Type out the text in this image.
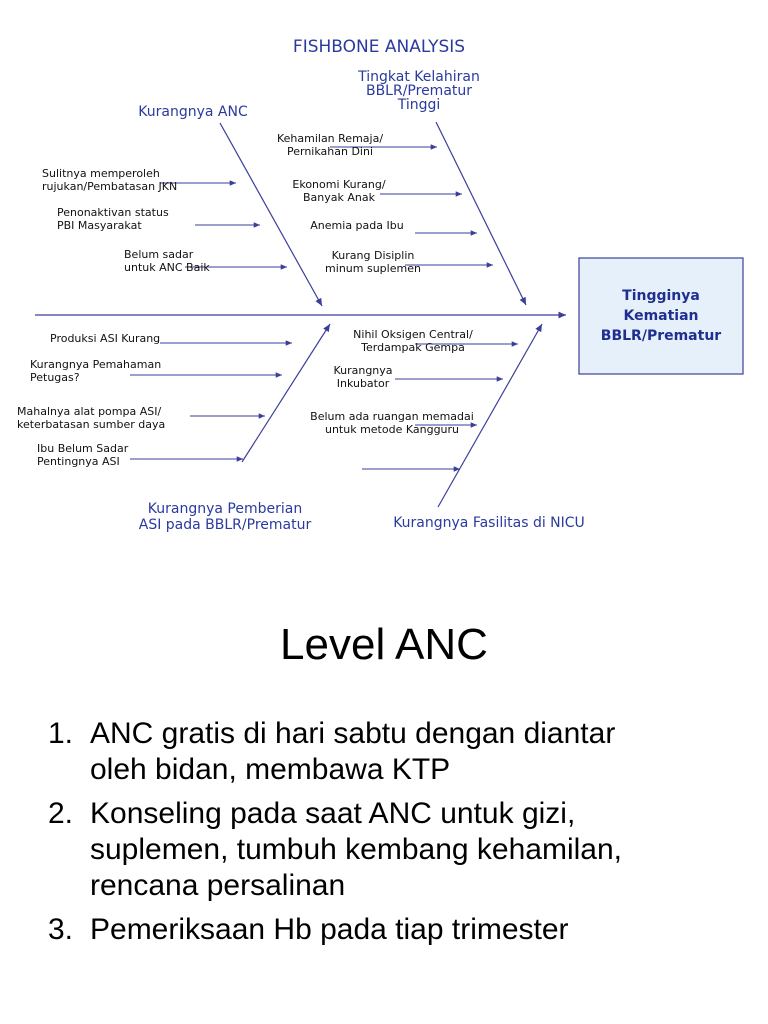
FISHBONE ANALYSIS
Kurangnya ANC
Sulitnya memperoleh
rujukan/Pembatasan JKN
Penonaktivan status
PBI Masyarakat
Belum sadar
untuk ANC Baik
Tingkat Kelahiran
BBLR/Prematur
Tinggi
Kehamilan Remaja/
Pernikahan Dini
Ekonomi Kurang/
Banyak Anak
Anemia pada Ibu
Kurang Disiplin
minum suplemen
Kurangnya Pemberian
ASI pada BBLR/Prematur
Produksi ASI Kurang
Kurangnya Pemahaman
Petugas?
Mahalnya alat pompa ASI/
keterbatasan sumber daya
Ibu Belum Sadar
Pentingnya ASI
Kurangnya Fasilitas di NICU
Nihil Oksigen Central/
Terdampak Gempa
Kurangnya
Inkubator
Belum ada ruangan memadai
untuk metode Kangguru
Tingginya
Kematian
BBLR/Prematur
Level ANC
1. ANC gratis di hari sabtu dengan diantar
oleh bidan, membawa KTP
2. Konseling pada saat ANC untuk gizi,
suplemen, tumbuh kembang kehamilan,
rencana persalinan
3. Pemeriksaan Hb pada tiap trimester
